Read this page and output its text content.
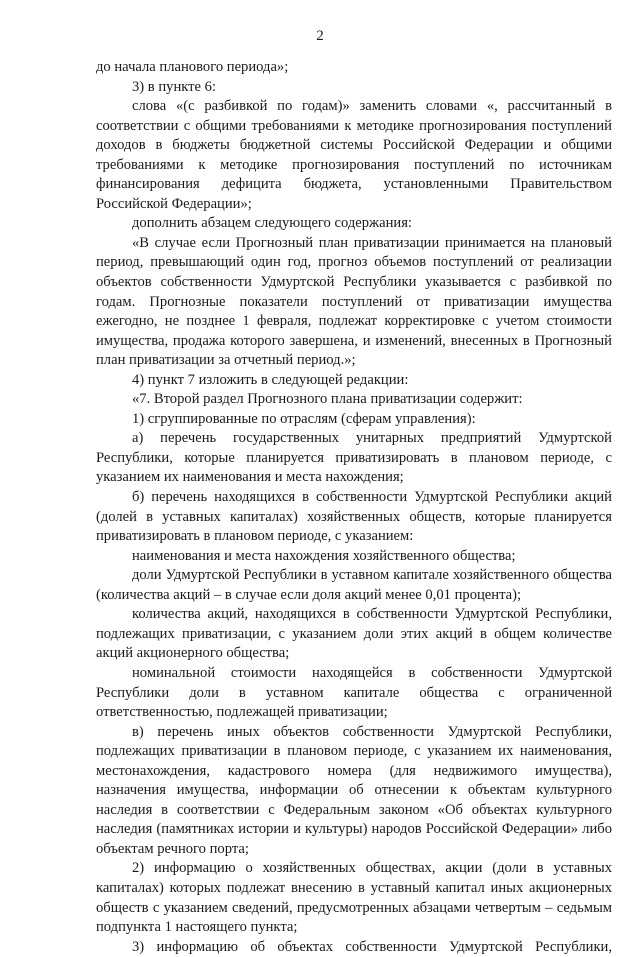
2

до начала планового периода»;

3) в пункте 6:

слова «(с разбивкой по годам)» заменить словами «, рассчитанный в соответствии с общими требованиями к методике прогнозирования поступлений доходов в бюджеты бюджетной системы Российской Федерации и общими требованиями к методике прогнозирования поступлений по источникам финансирования дефицита бюджета, установленными Правительством Российской Федерации»;

дополнить абзацем следующего содержания:

«В случае если Прогнозный план приватизации принимается на плановый период, превышающий один год, прогноз объемов поступлений от реализации объектов собственности Удмуртской Республики указывается с разбивкой по годам. Прогнозные показатели поступлений от приватизации имущества ежегодно, не позднее 1 февраля, подлежат корректировке с учетом стоимости имущества, продажа которого завершена, и изменений, внесенных в Прогнозный план приватизации за отчетный период.»;

4) пункт 7 изложить в следующей редакции:

«7. Второй раздел Прогнозного плана приватизации содержит:

1) сгруппированные по отраслям (сферам управления):

а) перечень государственных унитарных предприятий Удмуртской Республики, которые планируется приватизировать в плановом периоде, с указанием их наименования и места нахождения;

б) перечень находящихся в собственности Удмуртской Республики акций (долей в уставных капиталах) хозяйственных обществ, которые планируется приватизировать в плановом периоде, с указанием:

наименования и места нахождения хозяйственного общества;

доли Удмуртской Республики в уставном капитале хозяйственного общества (количества акций – в случае если доля акций менее 0,01 процента);

количества акций, находящихся в собственности Удмуртской Республики, подлежащих приватизации, с указанием доли этих акций в общем количестве акций акционерного общества;

номинальной стоимости находящейся в собственности Удмуртской Республики доли в уставном капитале общества с ограниченной ответственностью, подлежащей приватизации;

в) перечень иных объектов собственности Удмуртской Республики, подлежащих приватизации в плановом периоде, с указанием их наименования, местонахождения, кадастрового номера (для недвижимого имущества), назначения имущества, информации об отнесении к объектам культурного наследия в соответствии с Федеральным законом «Об объектах культурного наследия (памятниках истории и культуры) народов Российской Федерации» либо объектам речного порта;

2) информацию о хозяйственных обществах, акции (доли в уставных капиталах) которых подлежат внесению в уставный капитал иных акционерных обществ с указанием сведений, предусмотренных абзацами четвертым – седьмым подпункта 1 настоящего пункта;

3) информацию об объектах собственности Удмуртской Республики,
